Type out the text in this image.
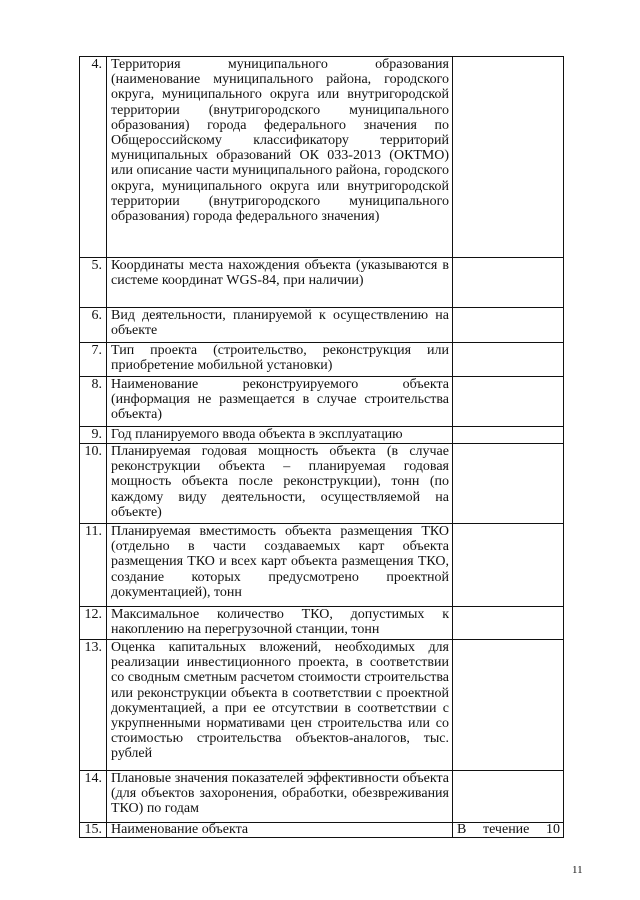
4.	Территория муниципального образования (наименование муниципального района, городского округа, муниципального округа или внутригородской территории (внутригородского муниципального образования) города федерального значения по Общероссийскому классификатору территорий муниципальных образований ОК 033-2013 (ОКТМО) или описание части муниципального района, городского округа, муниципального округа или внутригородской территории (внутригородского муниципального образования) города федерального значения)	
5.	Координаты места нахождения объекта (указываются в системе координат WGS-84, при наличии)	
6.	Вид деятельности, планируемой к осуществлению на объекте	
7.	Тип проекта (строительство, реконструкция или приобретение мобильной установки)	
8.	Наименование реконструируемого объекта (информация не размещается в случае строительства объекта)	
9.	Год планируемого ввода объекта в эксплуатацию	
10.	Планируемая годовая мощность объекта (в случае реконструкции объекта – планируемая годовая мощность объекта после реконструкции), тонн (по каждому виду деятельности, осуществляемой на объекте)	
11.	Планируемая вместимость объекта размещения ТКО (отдельно в части создаваемых карт объекта размещения ТКО и всех карт объекта размещения ТКО, создание которых предусмотрено проектной документацией), тонн	
12.	Максимальное количество ТКО, допустимых к накоплению на перегрузочной станции, тонн	
13.	Оценка капитальных вложений, необходимых для реализации инвестиционного проекта, в соответствии со сводным сметным расчетом стоимости строительства или реконструкции объекта в соответствии с проектной документацией, а при ее отсутствии в соответствии с укрупненными нормативами цен строительства или со стоимостью строительства объектов-аналогов, тыс. рублей	
14.	Плановые значения показателей эффективности объекта (для объектов захоронения, обработки, обезвреживания ТКО) по годам	
15.	Наименование объекта	В течение 10
11
